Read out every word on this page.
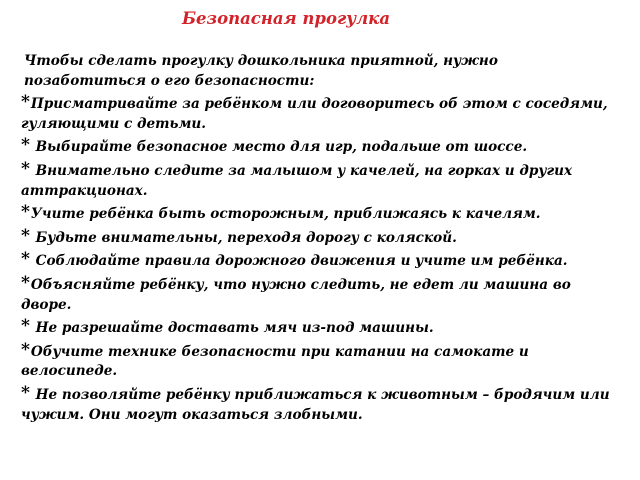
Безопасная прогулка

Чтобы сделать прогулку дошкольника приятной, нужно позаботиться о его безопасности:

*Присматривайте за ребёнком или договоритесь об этом с соседями, гуляющими с детьми.

* Выбирайте безопасное место для игр, подальше от шоссе.

* Внимательно следите за малышом у качелей, на горках и других аттракционах.

*Учите ребёнка быть осторожным, приближаясь к качелям.

* Будьте внимательны, переходя дорогу с коляской.

* Соблюдайте правила дорожного движения и учите им ребёнка.

*Объясняйте ребёнку, что нужно следить, не едет ли машина во дворе.

* Не разрешайте доставать мяч из-под машины.

*Обучите технике безопасности при катании на самокате и велосипеде.

* Не позволяйте ребёнку приближаться к животным – бродячим или чужим. Они могут оказаться злобными.
